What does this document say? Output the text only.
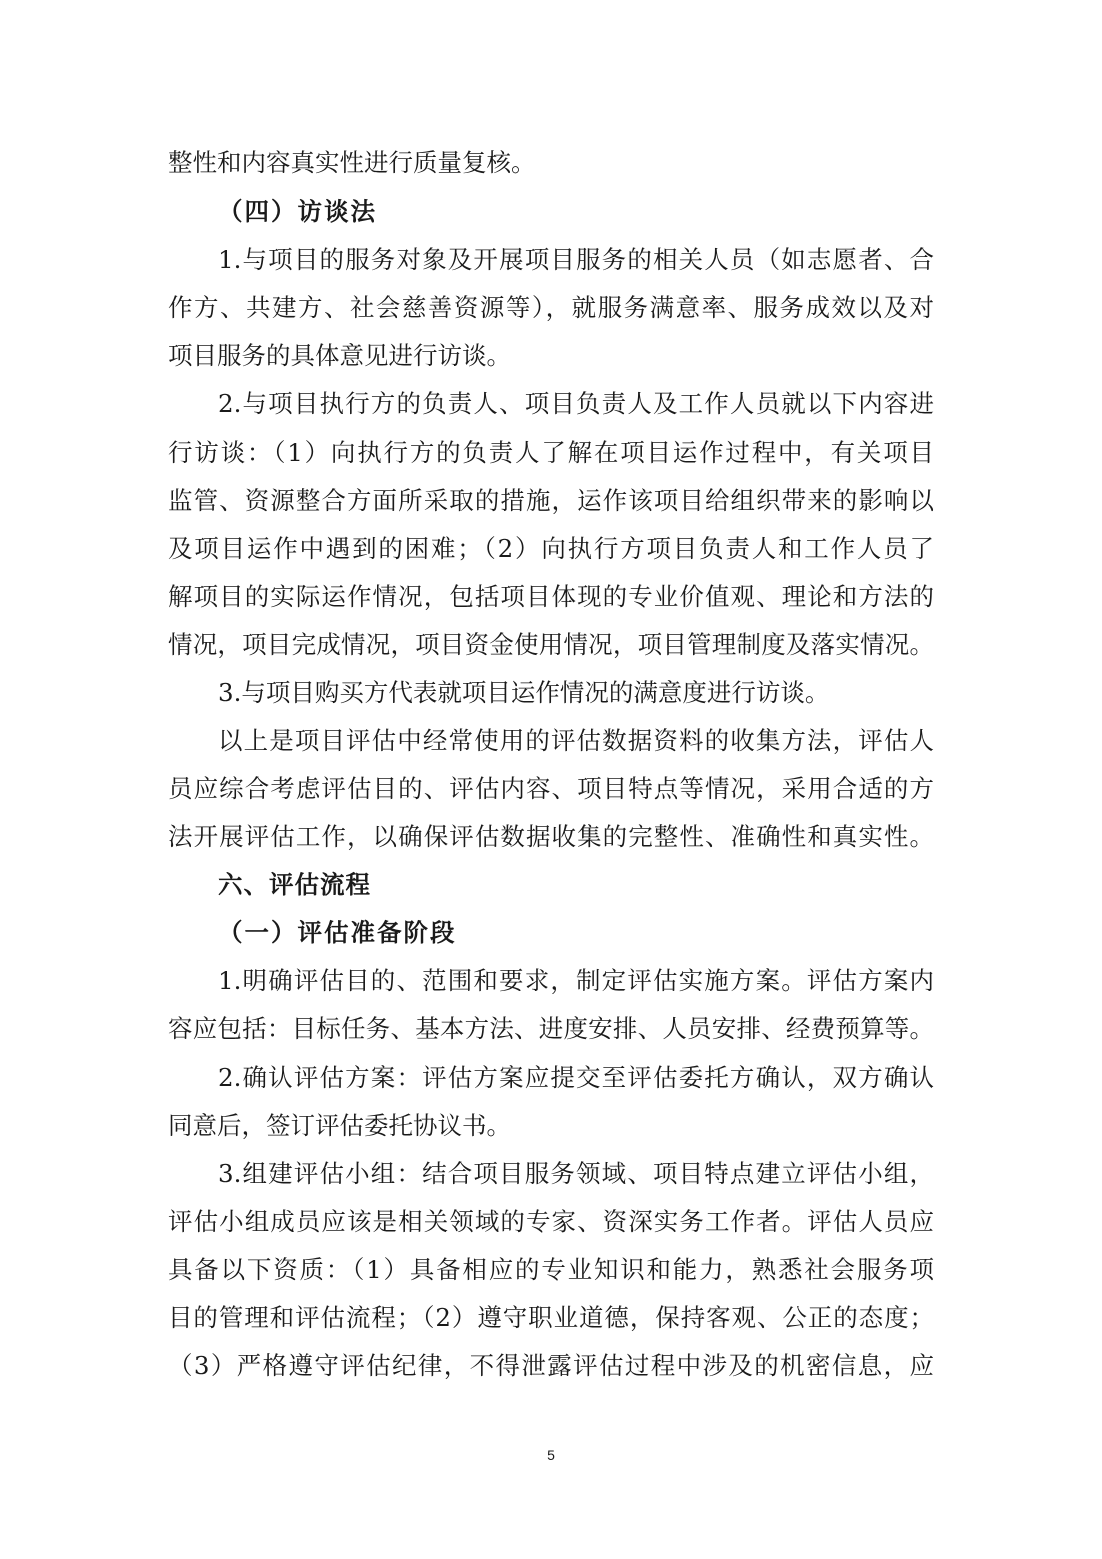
整性和内容真实性进行质量复核。
（四）访谈法
1.与项目的服务对象及开展项目服务的相关人员（如志愿者、合
作方、共建方、社会慈善资源等），就服务满意率、服务成效以及对
项目服务的具体意见进行访谈。
2.与项目执行方的负责人、项目负责人及工作人员就以下内容进
行访谈：（1）向执行方的负责人了解在项目运作过程中，有关项目
监管、资源整合方面所采取的措施，运作该项目给组织带来的影响以
及项目运作中遇到的困难；（2）向执行方项目负责人和工作人员了
解项目的实际运作情况，包括项目体现的专业价值观、理论和方法的
情况，项目完成情况，项目资金使用情况，项目管理制度及落实情况。
3.与项目购买方代表就项目运作情况的满意度进行访谈。
以上是项目评估中经常使用的评估数据资料的收集方法，评估人
员应综合考虑评估目的、评估内容、项目特点等情况，采用合适的方
法开展评估工作，以确保评估数据收集的完整性、准确性和真实性。
六、评估流程
（一）评估准备阶段
1.明确评估目的、范围和要求，制定评估实施方案。评估方案内
容应包括：目标任务、基本方法、进度安排、人员安排、经费预算等。
2.确认评估方案：评估方案应提交至评估委托方确认，双方确认
同意后，签订评估委托协议书。
3.组建评估小组：结合项目服务领域、项目特点建立评估小组，
评估小组成员应该是相关领域的专家、资深实务工作者。评估人员应
具备以下资质：（1）具备相应的专业知识和能力，熟悉社会服务项
目的管理和评估流程；（2）遵守职业道德，保持客观、公正的态度；
（3）严格遵守评估纪律，不得泄露评估过程中涉及的机密信息，应
5
